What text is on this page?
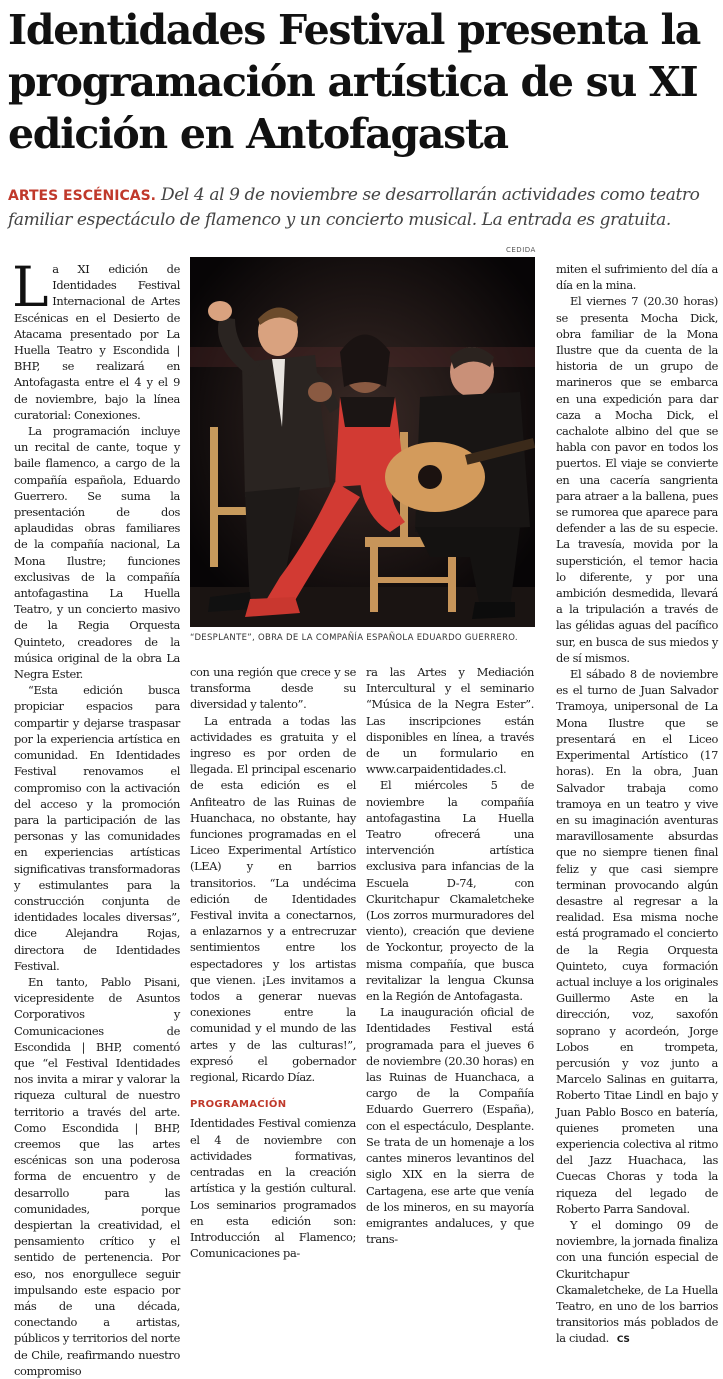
Identidades Festival presenta la programación artística de su XI edición en Antofagasta

ARTES ESCÉNICAS. Del 4 al 9 de noviembre se desarrollarán actividades como teatro familiar espectáculo de flamenco y un concierto musical. La entrada es gratuita.

CEDIDA
“DESPLANTE”, OBRA DE LA COMPAÑÍA ESPAÑOLA EDUARDO GUERRERO.

La XI edición de Identidades Festival Internacional de Artes Escénicas en el Desierto de Atacama presentado por La Huella Teatro y Escondida | BHP, se realizará en Antofagasta entre el 4 y el 9 de noviembre, bajo la línea curatorial: Conexiones.

La programación incluye un recital de cante, toque y baile flamenco, a cargo de la compañía española, Eduardo Guerrero. Se suma la presentación de dos aplaudidas obras familiares de la compañía nacional, La Mona Ilustre; funciones exclusivas de la compañía antofagastina La Huella Teatro, y un concierto masivo de la Regia Orquesta Quinteto, creadores de la música original de la obra La Negra Ester.

“Esta edición busca propiciar espacios para compartir y dejarse traspasar por la experiencia artística en comunidad. En Identidades Festival renovamos el compromiso con la activación del acceso y la promoción para la participación de las personas y las comunidades en experiencias artísticas significativas transformadoras y estimulantes para la construcción conjunta de identidades locales diversas”, dice Alejandra Rojas, directora de Identidades Festival.

En tanto, Pablo Pisani, vicepresidente de Asuntos Corporativos y Comunicaciones de Escondida | BHP, comentó que “el Festival Identidades nos invita a mirar y valorar la riqueza cultural de nuestro territorio a través del arte. Como Escondida | BHP, creemos que las artes escénicas son una poderosa forma de encuentro y de desarrollo para las comunidades, porque despiertan la creatividad, el pensamiento crítico y el sentido de pertenencia. Por eso, nos enorgullece seguir impulsando este espacio por más de una década, conectando a artistas, públicos y territorios del norte de Chile, reafirmando nuestro compromiso

con una región que crece y se transforma desde su diversidad y talento”.

La entrada a todas las actividades es gratuita y el ingreso es por orden de llegada. El principal escenario de esta edición es el Anfiteatro de las Ruinas de Huanchaca, no obstante, hay funciones programadas en el Liceo Experimental Artístico (LEA) y en barrios transitorios. “La undécima edición de Identidades Festival invita a conectarnos, a enlazarnos y a entrecruzar sentimientos entre los espectadores y los artistas que vienen. ¡Les invitamos a todos a generar nuevas conexiones entre la comunidad y el mundo de las artes y de las culturas!”, expresó el gobernador regional, Ricardo Díaz.

PROGRAMACIÓN

Identidades Festival comienza el 4 de noviembre con actividades formativas, centradas en la creación artística y la gestión cultural. Los seminarios programados en esta edición son: Introducción al Flamenco; Comunicaciones pa-

ra las Artes y Mediación Intercultural y el seminario “Música de la Negra Ester”. Las inscripciones están disponibles en línea, a través de un formulario en www.carpaidentidades.cl.

El miércoles 5 de noviembre la compañía antofagastina La Huella Teatro ofrecerá una intervención artística exclusiva para infancias de la Escuela D-74, con Ckuritchapur Ckamaletcheke (Los zorros murmuradores del viento), creación que deviene de Yockontur, proyecto de la misma compañía, que busca revitalizar la lengua Ckunsa en la Región de Antofagasta.

La inauguración oficial de Identidades Festival está programada para el jueves 6 de noviembre (20.30 horas) en las Ruinas de Huanchaca, a cargo de la Compañía Eduardo Guerrero (España), con el espectáculo, Desplante. Se trata de un homenaje a los cantes mineros levantinos del siglo XIX en la sierra de Cartagena, ese arte que venía de los mineros, en su mayoría emigrantes andaluces, y que trans-

miten el sufrimiento del día a día en la mina.

El viernes 7 (20.30 horas) se presenta Mocha Dick, obra familiar de la Mona Ilustre que da cuenta de la historia de un grupo de marineros que se embarca en una expedición para dar caza a Mocha Dick, el cachalote albino del que se habla con pavor en todos los puertos. El viaje se convierte en una cacería sangrienta para atraer a la ballena, pues se rumorea que aparece para defender a las de su especie. La travesía, movida por la superstición, el temor hacia lo diferente, y por una ambición desmedida, llevará a la tripulación a través de las gélidas aguas del pacífico sur, en busca de sus miedos y de sí mismos.

El sábado 8 de noviembre es el turno de Juan Salvador Tramoya, unipersonal de La Mona Ilustre que se presentará en el Liceo Experimental Artístico (17 horas). En la obra, Juan Salvador trabaja como tramoya en un teatro y vive en su imaginación aventuras maravillosamente absurdas que no siempre tienen final feliz y que casi siempre terminan provocando algún desastre al regresar a la realidad. Esa misma noche está programado el concierto de la Regia Orquesta Quinteto, cuya formación actual incluye a los originales Guillermo Aste en la dirección, voz, saxofón soprano y acordeón, Jorge Lobos en trompeta, percusión y voz junto a Marcelo Salinas en guitarra, Roberto Titae Lindl en bajo y Juan Pablo Bosco en batería, quienes prometen una experiencia colectiva al ritmo del Jazz Huachaca, las Cuecas Choras y toda la riqueza del legado de Roberto Parra Sandoval.

Y el domingo 09 de noviembre, la jornada finaliza con una función especial de Ckuritchapur Ckamaletcheke, de La Huella Teatro, en uno de los barrios transitorios más poblados de la ciudad. CS
